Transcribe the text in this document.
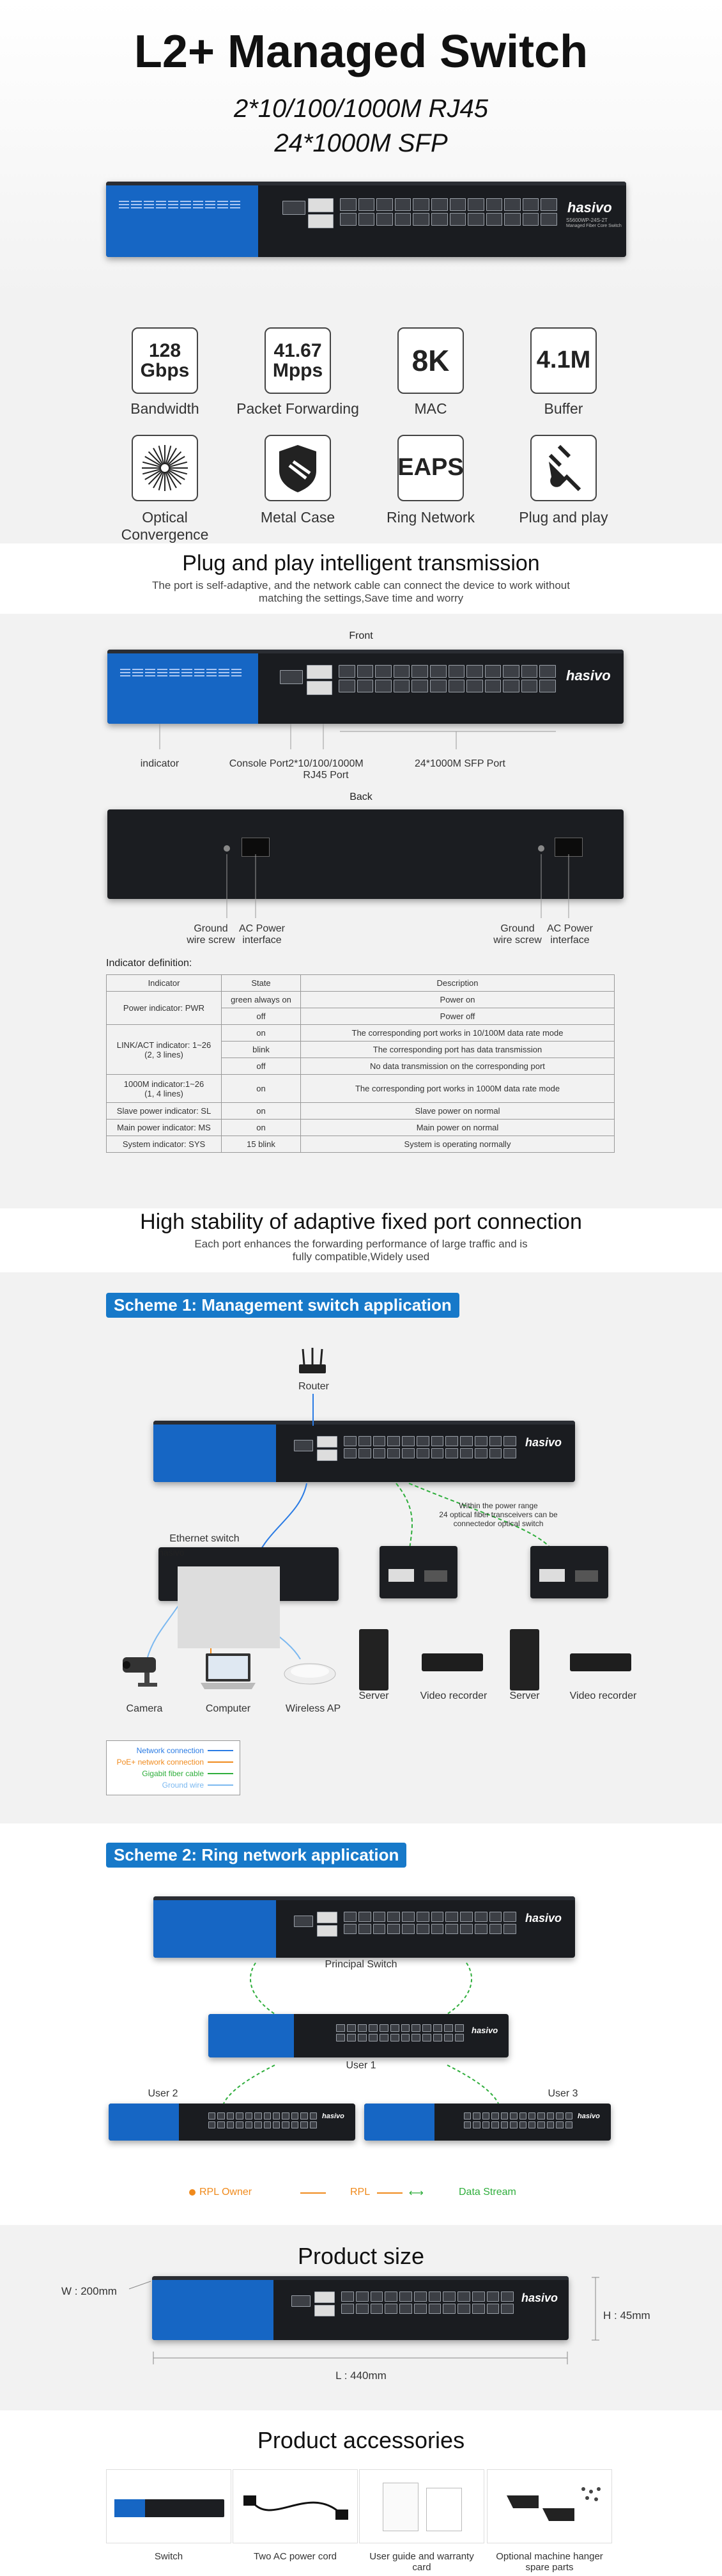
L2+ Managed Switch
2*10/100/1000M RJ45
24*1000M SFP
hasivo
S5600WP-24S-2T
Managed Fiber Core Switch
128
Gbps
Bandwidth
41.67
Mpps
Packet Forwarding
8K
MAC
4.1M
Buffer
Optical Convergence
Metal Case
EAPS
Ring Network	Plug and play
Plug and play intelligent transmission
The port is self-adaptive, and the network cable can connect the device to work without
matching the settings,Save time and worry
Front
hasivo
indicator	Console Port 2*10/100/1000M
RJ45 Port
24*1000M SFP Port
Back
Ground
wire screw
AC Power
interface
Ground
wire screw
AC Power
interface
Indicator definition:
Indicator	State	Description
Power indicator: PWR	green always on	Power on
	off	Power off

LINK/ACT indicator: 1~26
(2, 3 lines)	on	The corresponding port works in 10/100M data rate mode
	blink	The corresponding port has data transmission
	off	No data transmission on the corresponding port

1000M indicator:1~26
(1, 4 lines)	on	The corresponding port works in 1000M data rate mode
Slave power indicator: SL	on	Slave power on normal
Main power indicator: MS	on	Main power on normal
System indicator: SYS	15 blink	System is operating normally
High stability of adaptive fixed port connection
Each port enhances the forwarding performance of large traffic and is
fully compatible,Widely used
Scheme 1: Management switch application
Router
hasivo
Within the power range
24 optical fiber transceivers can be
connectedor optical switch
Ethernet switch
hasivo
Camera	Computer	Wireless AP
Server	Video recorder	Server	Video recorder
Network connection
PoE+ network connection
Gigabit fiber cable
Ground wire
Scheme 2: Ring network application
hasivo
Principal Switch
hasivo
User 1
User 2	User 3
hasivo	hasivo
RPL Owner	RPL	⟷	Data Stream
Product size
hasivo
W : 200mm
H : 45mm
L : 440mm
Product accessories
Switch	Two AC power cord	User guide and warranty card
Optional machine hanger spare parts
